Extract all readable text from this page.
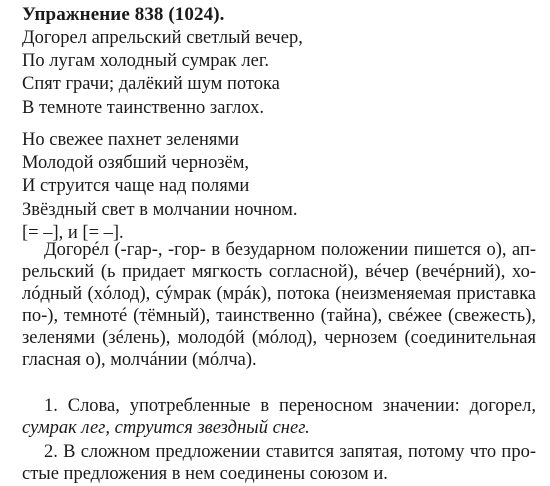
Упражнение 838 (1024).
Догорел апрельский светлый вечер,
По лугам холодный сумрак лег.
Спят грачи; далёкий шум потока
В темноте таинственно заглох.
Но свежее пахнет зеленями
Молодой озябший чернозём,
И струится чаще над полями
Звёздный свет в молчании ночном.
[= –], и [= –].
Догорéл (-гар-, -гор- в безударном положении пишется о), ап-
рельский (ь придает мягкость согласной), вéчер (вечéрний), хо-
лóдный (хóлод), сýмрак (мрáк), потока (неизменяемая приставка
по-), темнотé (тёмный), таинственно (тайна), свéжее (свежесть),
зеленями (зéлень), молодóй (мóлод), чернозем (соединительная
гласная о), молчáнии (мóлча).
1. Слова, употребленные в переносном значении: догорел,
сумрак лег, струится звездный снег.
2. В сложном предложении ставится запятая, потому что про-
стые предложения в нем соединены союзом и.
